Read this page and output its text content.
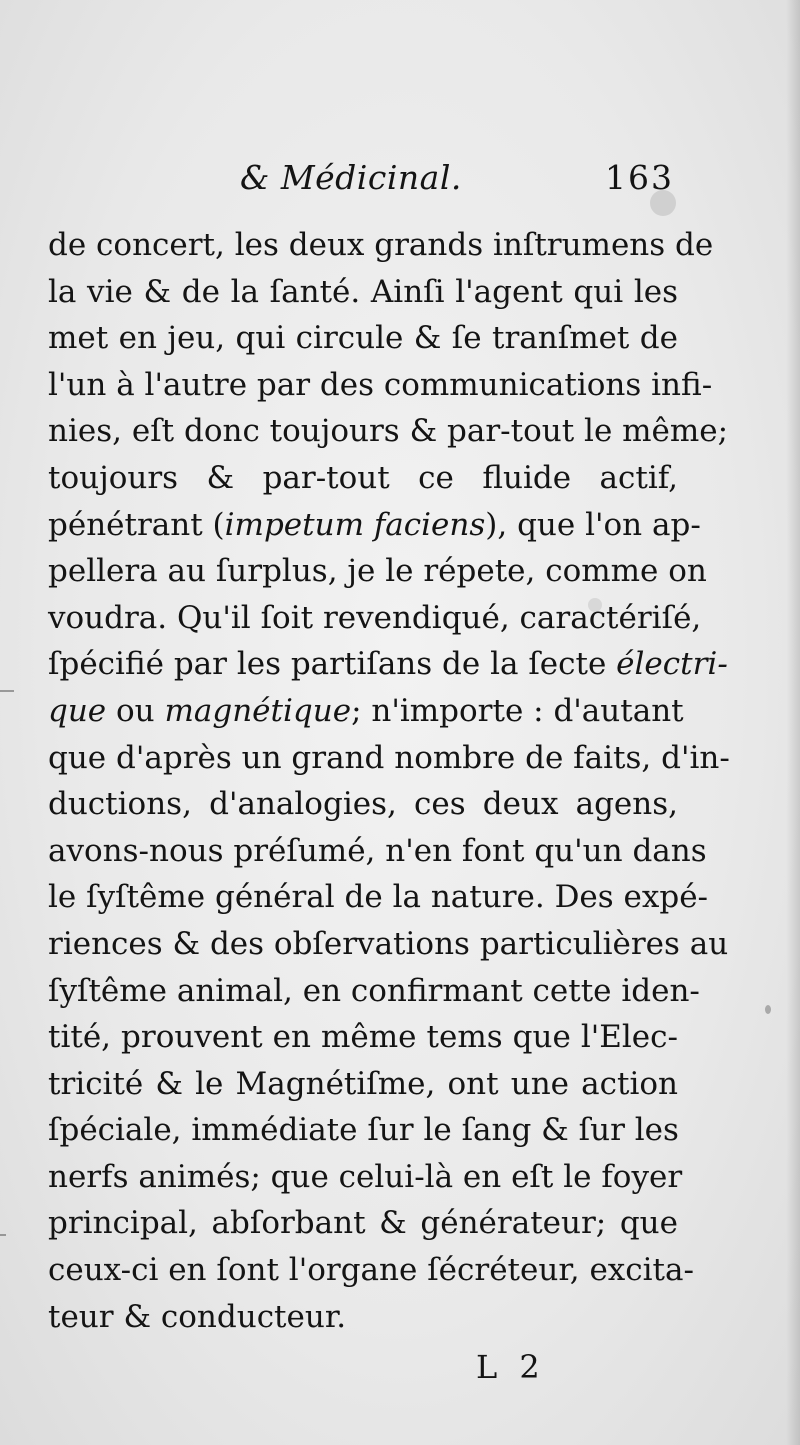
& Médicinal.	163
de concert, les deux grands inſtrumens de
la vie & de la ſanté. Ainſi l'agent qui les
met en jeu, qui circule & ſe tranſmet de
l'un à l'autre par des communications infi-
nies, eſt donc toujours & par-tout le même;
toujours & par-tout ce fluide actif,
pénétrant (impetum faciens), que l'on ap-
pellera au ſurplus, je le répete, comme on
voudra. Qu'il ſoit revendiqué, caractériſé,
ſpécifié par les partiſans de la ſecte électri-
que ou magnétique; n'importe : d'autant
que d'après un grand nombre de faits, d'in-
ductions, d'analogies, ces deux agens,
avons-nous préſumé, n'en font qu'un dans
le ſyſtême général de la nature. Des expé-
riences & des obſervations particulières au
ſyſtême animal, en confirmant cette iden-
tité, prouvent en même tems que l'Elec-
tricité & le Magnétiſme, ont une action
ſpéciale, immédiate ſur le ſang & ſur les
nerfs animés; que celui-là en eſt le foyer
principal, abſorbant & générateur; que
ceux-ci en ſont l'organe ſécréteur, excita-
teur & conducteur.
L 2
